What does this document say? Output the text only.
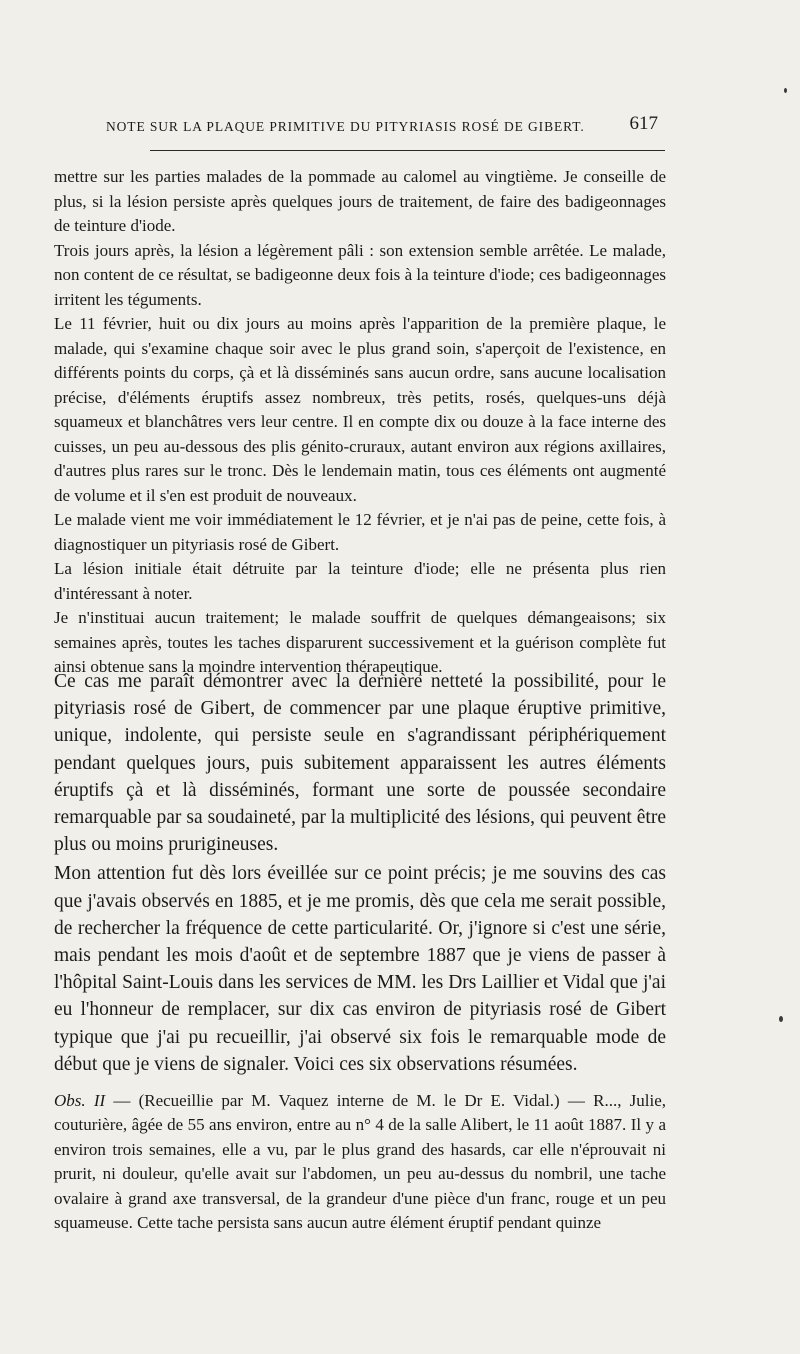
NOTE SUR LA PLAQUE PRIMITIVE DU PITYRIASIS ROSÉ DE GIBERT. 617

mettre sur les parties malades de la pommade au calomel au vingtième. Je conseille de plus, si la lésion persiste après quelques jours de traitement, de faire des badigeonnages de teinture d'iode.

Trois jours après, la lésion a légèrement pâli : son extension semble arrêtée. Le malade, non content de ce résultat, se badigeonne deux fois à la teinture d'iode; ces badigeonnages irritent les téguments.

Le 11 février, huit ou dix jours au moins après l'apparition de la première plaque, le malade, qui s'examine chaque soir avec le plus grand soin, s'aperçoit de l'existence, en différents points du corps, çà et là disséminés sans aucun ordre, sans aucune localisation précise, d'éléments éruptifs assez nombreux, très petits, rosés, quelques-uns déjà squameux et blanchâtres vers leur centre. Il en compte dix ou douze à la face interne des cuisses, un peu au-dessous des plis génito-cruraux, autant environ aux régions axillaires, d'autres plus rares sur le tronc. Dès le lendemain matin, tous ces éléments ont augmenté de volume et il s'en est produit de nouveaux.

Le malade vient me voir immédiatement le 12 février, et je n'ai pas de peine, cette fois, à diagnostiquer un pityriasis rosé de Gibert.

La lésion initiale était détruite par la teinture d'iode; elle ne présenta plus rien d'intéressant à noter.

Je n'instituai aucun traitement; le malade souffrit de quelques démangeaisons; six semaines après, toutes les taches disparurent successivement et la guérison complète fut ainsi obtenue sans la moindre intervention thérapeutique.

Ce cas me paraît démontrer avec la dernière netteté la possibilité, pour le pityriasis rosé de Gibert, de commencer par une plaque éruptive primitive, unique, indolente, qui persiste seule en s'agrandissant périphériquement pendant quelques jours, puis subitement apparaissent les autres éléments éruptifs çà et là disséminés, formant une sorte de poussée secondaire remarquable par sa soudaineté, par la multiplicité des lésions, qui peuvent être plus ou moins prurigineuses.

Mon attention fut dès lors éveillée sur ce point précis; je me souvins des cas que j'avais observés en 1885, et je me promis, dès que cela me serait possible, de rechercher la fréquence de cette particularité. Or, j'ignore si c'est une série, mais pendant les mois d'août et de septembre 1887 que je viens de passer à l'hôpital Saint-Louis dans les services de MM. les Drs Laillier et Vidal que j'ai eu l'honneur de remplacer, sur dix cas environ de pityriasis rosé de Gibert typique que j'ai pu recueillir, j'ai observé six fois le remarquable mode de début que je viens de signaler. Voici ces six observations résumées.

Obs. II — (Recueillie par M. Vaquez interne de M. le Dr E. Vidal.) — R..., Julie, couturière, âgée de 55 ans environ, entre au n° 4 de la salle Alibert, le 11 août 1887. Il y a environ trois semaines, elle a vu, par le plus grand des hasards, car elle n'éprouvait ni prurit, ni douleur, qu'elle avait sur l'abdomen, un peu au-dessus du nombril, une tache ovalaire à grand axe transversal, de la grandeur d'une pièce d'un franc, rouge et un peu squameuse. Cette tache persista sans aucun autre élément éruptif pendant quinze
